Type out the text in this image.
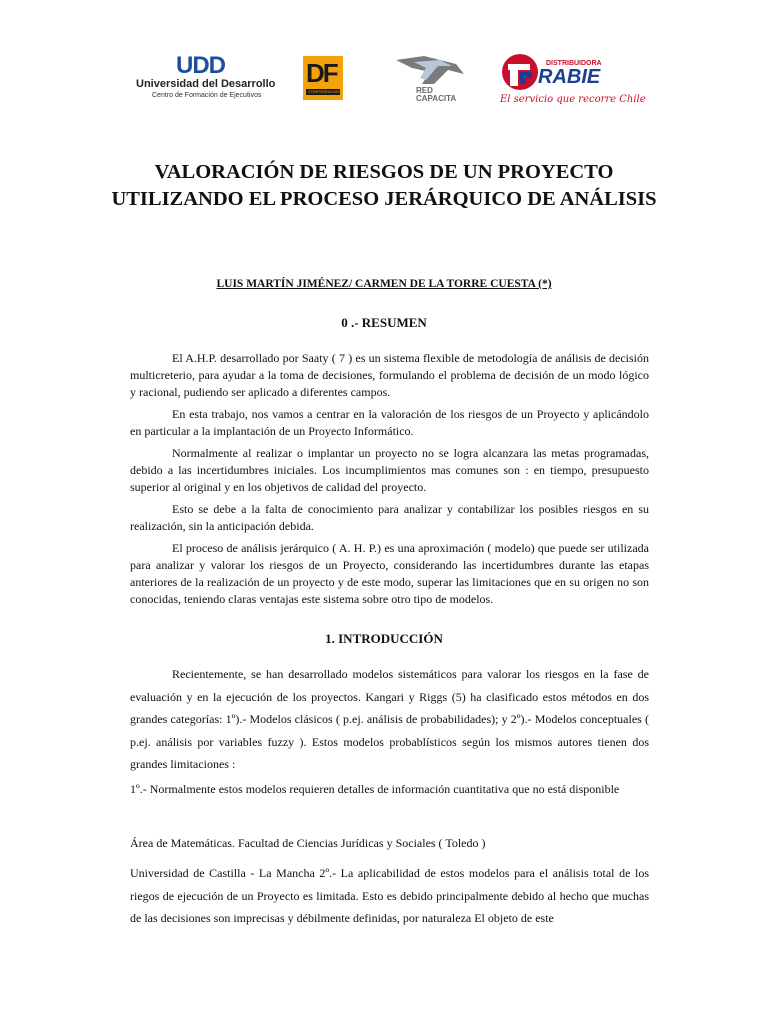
UDD
Universidad del Desarrollo
Centro de Formación de Ejecutivos
DF
CONFERENCIAS	RED
CAPACITA
DISTRIBUIDORA
RABIE
El servicio que recorre Chile
VALORACIÓN DE RIESGOS DE UN PROYECTO UTILIZANDO EL PROCESO JERÁRQUICO DE ANÁLISIS
LUIS MARTÍN JIMÉNEZ/ CARMEN DE LA TORRE CUESTA (*)
0 .- RESUMEN

El A.H.P. desarrollado por Saaty ( 7 ) es un sistema flexible de metodología de análisis de decisión multicreterio, para ayudar a la toma de decisiones, formulando el problema de decisión de un modo lógico y racional, pudiendo ser aplicado a diferentes campos.

En esta trabajo, nos vamos a centrar en la valoración de los riesgos de un Proyecto y aplicándolo en particular a la implantación de un Proyecto Informático.

Normalmente al realizar o implantar un proyecto no se logra alcanzara las metas programadas, debido a las incertidumbres iniciales. Los incumplimientos mas comunes son : en tiempo, presupuesto superior al original y en los objetivos de calidad del proyecto.

Esto se debe a la falta de conocimiento para analizar y contabilizar los posibles riesgos en su realización, sin la anticipación debida.

El proceso de análisis jerárquico ( A. H. P.) es una aproximación ( modelo) que puede ser utilizada para analizar y valorar los riesgos de un Proyecto, considerando las incertidumbres durante las etapas anteriores de la realización de un proyecto y de este modo, superar las limitaciones que en su origen no son conocidas, teniendo claras ventajas este sistema sobre otro tipo de modelos.

1. INTRODUCCIÓN

Recientemente, se han desarrollado modelos sistemáticos para valorar los riesgos en la fase de evaluación y en la ejecución de los proyectos. Kangari y Riggs (5) ha clasificado estos métodos en dos grandes categorías: 1º).- Modelos clásicos ( p.ej. análisis de probabilidades); y 2º).- Modelos conceptuales ( p.ej. análisis por variables fuzzy ). Estos modelos probablísticos según los mismos autores tienen dos grandes limitaciones :

1º.- Normalmente estos modelos requieren detalles de información cuantitativa que no está disponible

Área de Matemáticas. Facultad de Ciencias Jurídicas y Sociales ( Toledo )

Universidad de Castilla - La Mancha 2º.- La aplicabilidad de estos modelos para el análisis total de los riegos de ejecución de un Proyecto es limitada. Esto es debido principalmente debido al hecho que muchas de las decisiones son imprecisas y débilmente definidas, por naturaleza El objeto de este
